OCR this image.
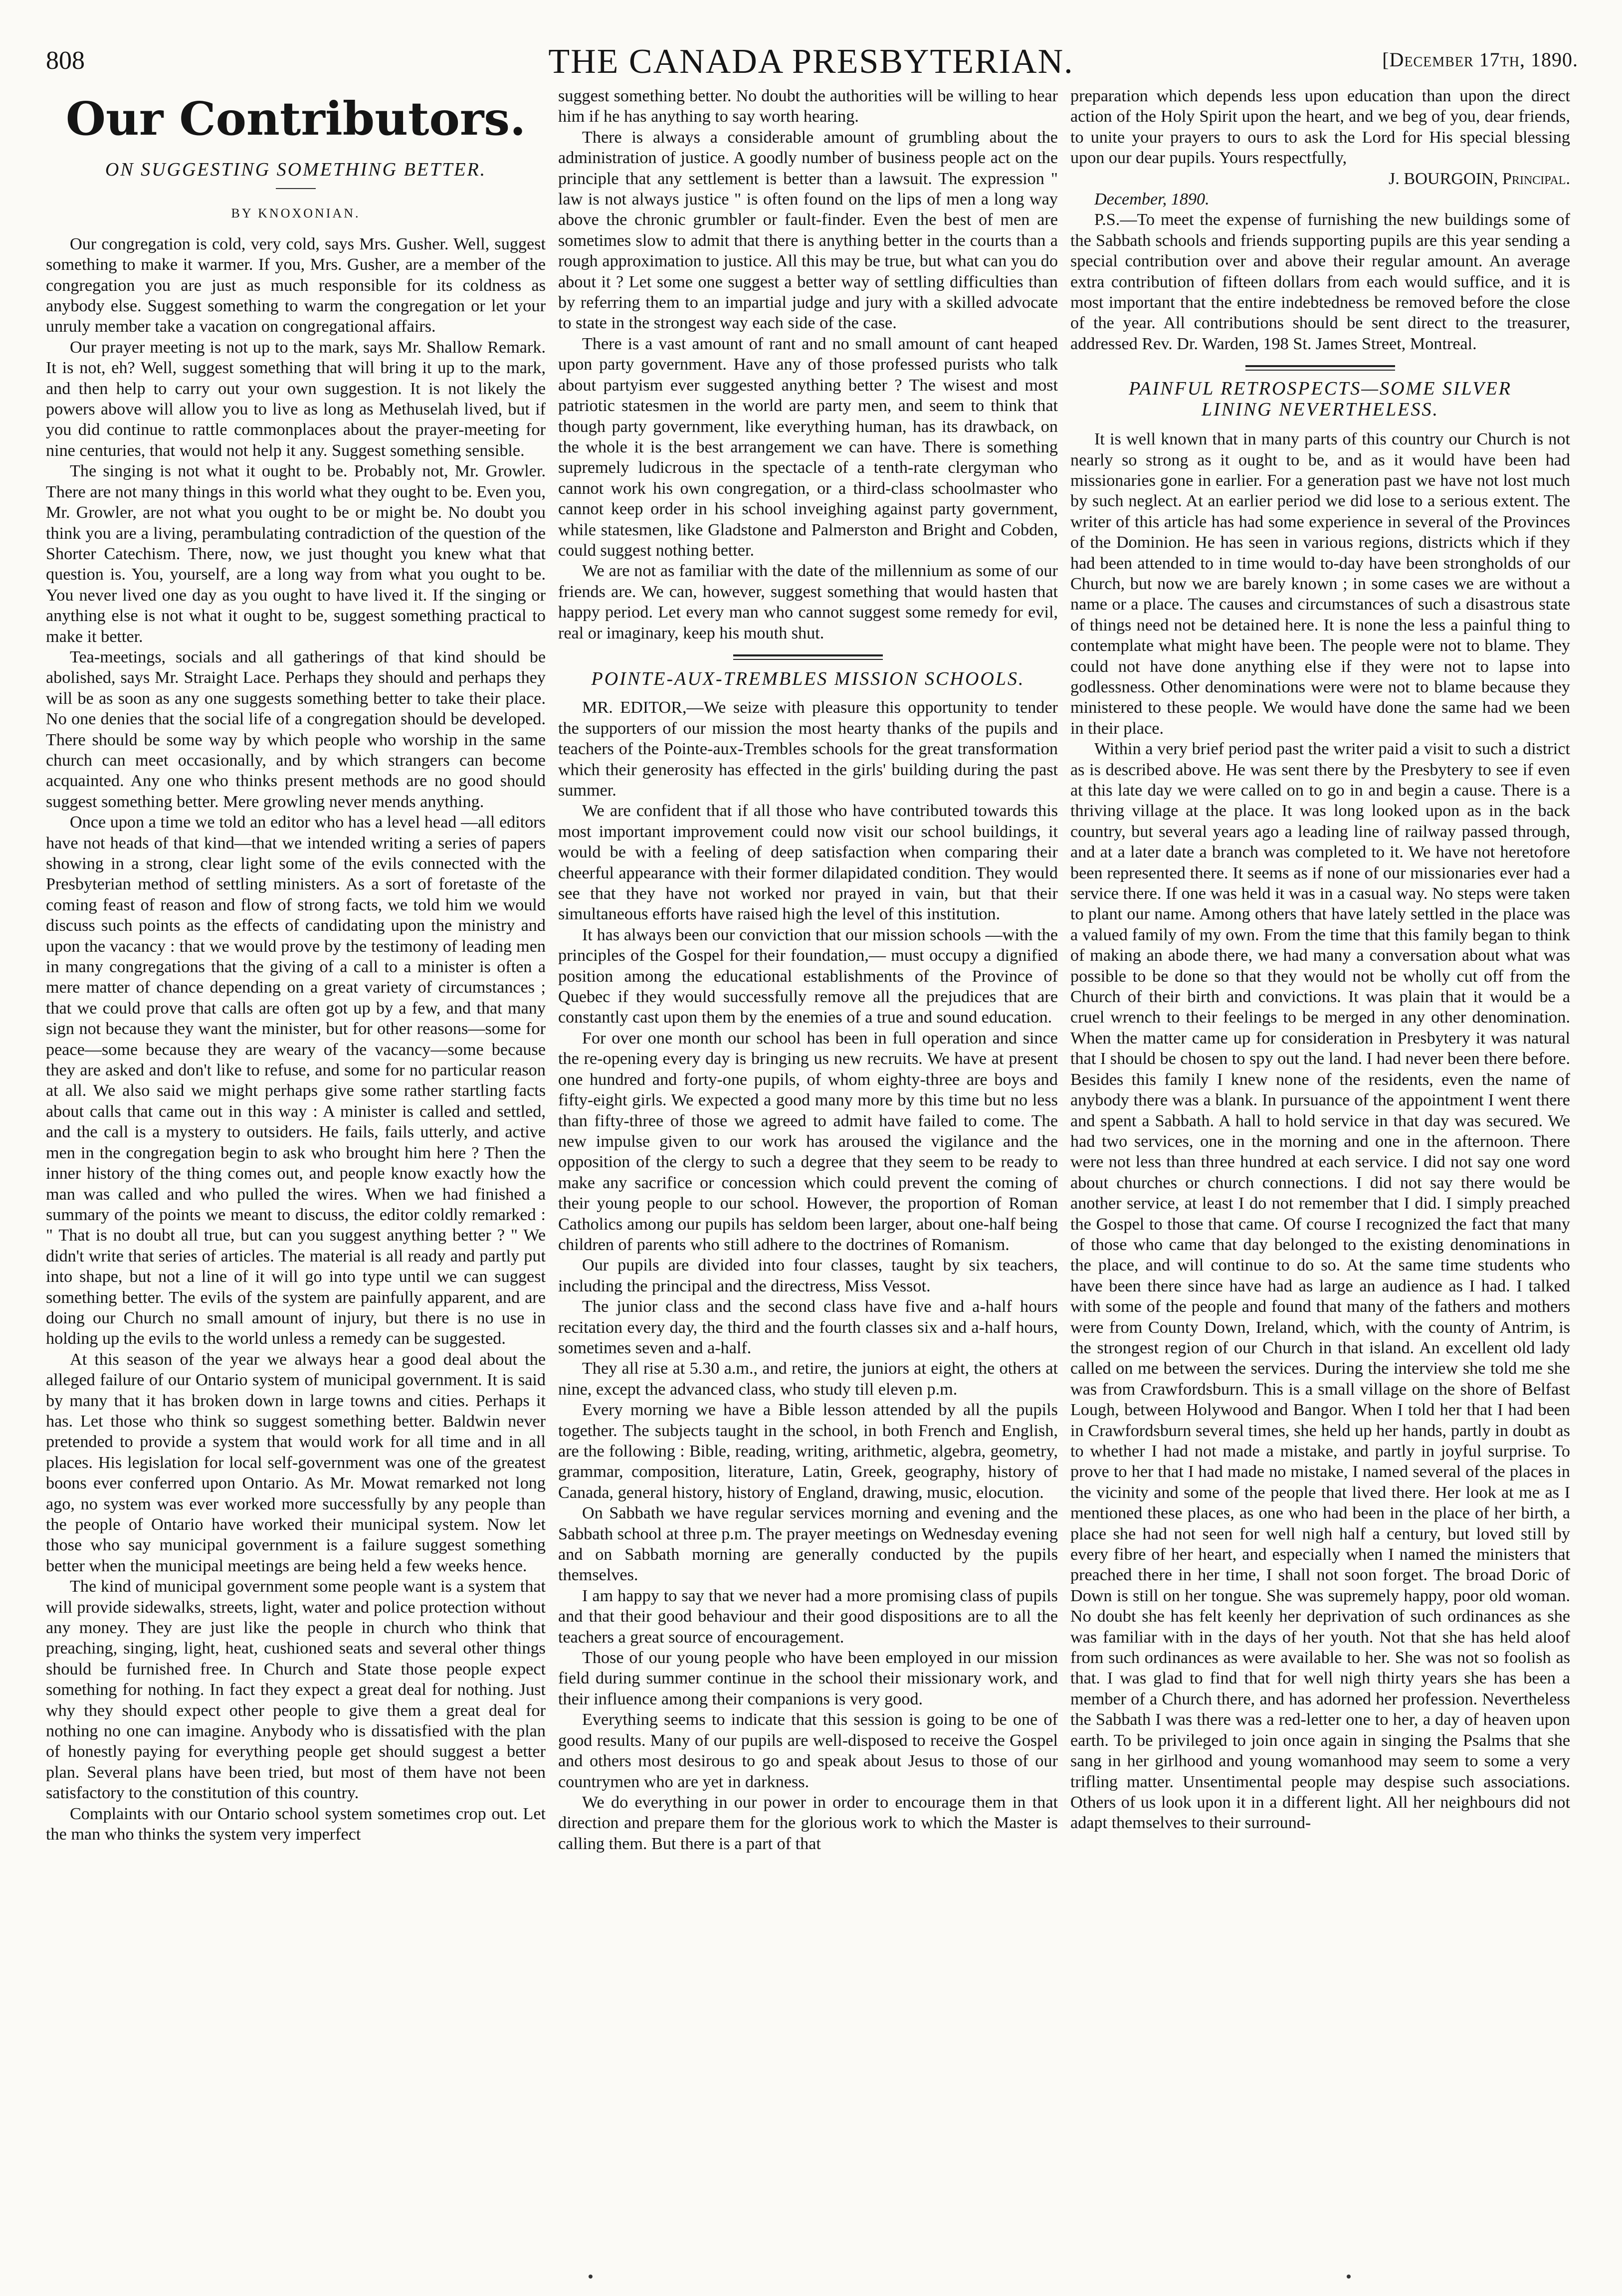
808	THE CANADA PRESBYTERIAN.	[December 17th, 1890.
Our Contributors.
ON SUGGESTING SOMETHING BETTER.
BY KNOXONIAN.

Our congregation is cold, very cold, says Mrs. Gusher. Well, suggest something to make it warmer. If you, Mrs. Gusher, are a member of the congregation you are just as much responsible for its coldness as anybody else. Suggest something to warm the congregation or let your unruly member take a vacation on congregational affairs.

Our prayer meeting is not up to the mark, says Mr. Shallow Remark. It is not, eh? Well, suggest something that will bring it up to the mark, and then help to carry out your own suggestion. It is not likely the powers above will allow you to live as long as Methuselah lived, but if you did continue to rattle commonplaces about the prayer-meeting for nine centuries, that would not help it any. Suggest something sensible.

The singing is not what it ought to be. Probably not, Mr. Growler. There are not many things in this world what they ought to be. Even you, Mr. Growler, are not what you ought to be or might be. No doubt you think you are a living, perambulating contradiction of the question of the Shorter Catechism. There, now, we just thought you knew what that question is. You, yourself, are a long way from what you ought to be. You never lived one day as you ought to have lived it. If the singing or anything else is not what it ought to be, suggest something practical to make it better.

Tea-meetings, socials and all gatherings of that kind should be abolished, says Mr. Straight Lace. Perhaps they should and perhaps they will be as soon as any one suggests something better to take their place. No one denies that the social life of a congregation should be developed. There should be some way by which people who worship in the same church can meet occasionally, and by which strangers can become acquainted. Any one who thinks present methods are no good should suggest something better. Mere growling never mends anything.

Once upon a time we told an editor who has a level head —all editors have not heads of that kind—that we intended writing a series of papers showing in a strong, clear light some of the evils connected with the Presbyterian method of settling ministers. As a sort of foretaste of the coming feast of reason and flow of strong facts, we told him we would discuss such points as the effects of candidating upon the ministry and upon the vacancy : that we would prove by the testimony of leading men in many congregations that the giving of a call to a minister is often a mere matter of chance depending on a great variety of circumstances ; that we could prove that calls are often got up by a few, and that many sign not because they want the minister, but for other reasons—some for peace—some because they are weary of the vacancy—some because they are asked and don't like to refuse, and some for no particular reason at all. We also said we might perhaps give some rather startling facts about calls that came out in this way : A minister is called and settled, and the call is a mystery to outsiders. He fails, fails utterly, and active men in the congregation begin to ask who brought him here ? Then the inner history of the thing comes out, and people know exactly how the man was called and who pulled the wires. When we had finished a summary of the points we meant to discuss, the editor coldly remarked : " That is no doubt all true, but can you suggest anything better ? " We didn't write that series of articles. The material is all ready and partly put into shape, but not a line of it will go into type until we can suggest something better. The evils of the system are painfully apparent, and are doing our Church no small amount of injury, but there is no use in holding up the evils to the world unless a remedy can be suggested.

At this season of the year we always hear a good deal about the alleged failure of our Ontario system of municipal government. It is said by many that it has broken down in large towns and cities. Perhaps it has. Let those who think so suggest something better. Baldwin never pretended to provide a system that would work for all time and in all places. His legislation for local self-government was one of the greatest boons ever conferred upon Ontario. As Mr. Mowat remarked not long ago, no system was ever worked more successfully by any people than the people of Ontario have worked their municipal system. Now let those who say municipal government is a failure suggest something better when the municipal meetings are being held a few weeks hence.

The kind of municipal government some people want is a system that will provide sidewalks, streets, light, water and police protection without any money. They are just like the people in church who think that preaching, singing, light, heat, cushioned seats and several other things should be furnished free. In Church and State those people expect something for nothing. In fact they expect a great deal for nothing. Just why they should expect other people to give them a great deal for nothing no one can imagine. Anybody who is dissatisfied with the plan of honestly paying for everything people get should suggest a better plan. Several plans have been tried, but most of them have not been satisfactory to the constitution of this country.

Complaints with our Ontario school system sometimes crop out. Let the man who thinks the system very imperfect

suggest something better. No doubt the authorities will be willing to hear him if he has anything to say worth hearing.

There is always a considerable amount of grumbling about the administration of justice. A goodly number of business people act on the principle that any settlement is better than a lawsuit. The expression " law is not always justice " is often found on the lips of men a long way above the chronic grumbler or fault-finder. Even the best of men are sometimes slow to admit that there is anything better in the courts than a rough approximation to justice. All this may be true, but what can you do about it ? Let some one suggest a better way of settling difficulties than by referring them to an impartial judge and jury with a skilled advocate to state in the strongest way each side of the case.

There is a vast amount of rant and no small amount of cant heaped upon party government. Have any of those professed purists who talk about partyism ever suggested anything better ? The wisest and most patriotic statesmen in the world are party men, and seem to think that though party government, like everything human, has its drawback, on the whole it is the best arrangement we can have. There is something supremely ludicrous in the spectacle of a tenth-rate clergyman who cannot work his own congregation, or a third-class schoolmaster who cannot keep order in his school inveighing against party government, while statesmen, like Gladstone and Palmerston and Bright and Cobden, could suggest nothing better.

We are not as familiar with the date of the millennium as some of our friends are. We can, however, suggest something that would hasten that happy period. Let every man who cannot suggest some remedy for evil, real or imaginary, keep his mouth shut.

POINTE-AUX-TREMBLES MISSION SCHOOLS.

MR. EDITOR,—We seize with pleasure this opportunity to tender the supporters of our mission the most hearty thanks of the pupils and teachers of the Pointe-aux-Trembles schools for the great transformation which their generosity has effected in the girls' building during the past summer.

We are confident that if all those who have contributed towards this most important improvement could now visit our school buildings, it would be with a feeling of deep satisfaction when comparing their cheerful appearance with their former dilapidated condition. They would see that they have not worked nor prayed in vain, but that their simultaneous efforts have raised high the level of this institution.

It has always been our conviction that our mission schools —with the principles of the Gospel for their foundation,— must occupy a dignified position among the educational establishments of the Province of Quebec if they would successfully remove all the prejudices that are constantly cast upon them by the enemies of a true and sound education.

For over one month our school has been in full operation and since the re-opening every day is bringing us new recruits. We have at present one hundred and forty-one pupils, of whom eighty-three are boys and fifty-eight girls. We expected a good many more by this time but no less than fifty-three of those we agreed to admit have failed to come. The new impulse given to our work has aroused the vigilance and the opposition of the clergy to such a degree that they seem to be ready to make any sacrifice or concession which could prevent the coming of their young people to our school. However, the proportion of Roman Catholics among our pupils has seldom been larger, about one-half being children of parents who still adhere to the doctrines of Romanism.

Our pupils are divided into four classes, taught by six teachers, including the principal and the directress, Miss Vessot.

The junior class and the second class have five and a-half hours recitation every day, the third and the fourth classes six and a-half hours, sometimes seven and a-half.

They all rise at 5.30 a.m., and retire, the juniors at eight, the others at nine, except the advanced class, who study till eleven p.m.

Every morning we have a Bible lesson attended by all the pupils together. The subjects taught in the school, in both French and English, are the following : Bible, reading, writing, arithmetic, algebra, geometry, grammar, composition, literature, Latin, Greek, geography, history of Canada, general history, history of England, drawing, music, elocution.

On Sabbath we have regular services morning and evening and the Sabbath school at three p.m. The prayer meetings on Wednesday evening and on Sabbath morning are generally conducted by the pupils themselves.

I am happy to say that we never had a more promising class of pupils and that their good behaviour and their good dispositions are to all the teachers a great source of encouragement.

Those of our young people who have been employed in our mission field during summer continue in the school their missionary work, and their influence among their companions is very good.

Everything seems to indicate that this session is going to be one of good results. Many of our pupils are well-disposed to receive the Gospel and others most desirous to go and speak about Jesus to those of our countrymen who are yet in darkness.

We do everything in our power in order to encourage them in that direction and prepare them for the glorious work to which the Master is calling them. But there is a part of that

preparation which depends less upon education than upon the direct action of the Holy Spirit upon the heart, and we beg of you, dear friends, to unite your prayers to ours to ask the Lord for His special blessing upon our dear pupils. Yours respectfully,

J. BOURGOIN, Principal.

December, 1890.

P.S.—To meet the expense of furnishing the new buildings some of the Sabbath schools and friends supporting pupils are this year sending a special contribution over and above their regular amount. An average extra contribution of fifteen dollars from each would suffice, and it is most important that the entire indebtedness be removed before the close of the year. All contributions should be sent direct to the treasurer, addressed Rev. Dr. Warden, 198 St. James Street, Montreal.

PAINFUL RETROSPECTS—SOME SILVER
LINING NEVERTHELESS.

It is well known that in many parts of this country our Church is not nearly so strong as it ought to be, and as it would have been had missionaries gone in earlier. For a generation past we have not lost much by such neglect. At an earlier period we did lose to a serious extent. The writer of this article has had some experience in several of the Provinces of the Dominion. He has seen in various regions, districts which if they had been attended to in time would to-day have been strongholds of our Church, but now we are barely known ; in some cases we are without a name or a place. The causes and circumstances of such a disastrous state of things need not be detained here. It is none the less a painful thing to contemplate what might have been. The people were not to blame. They could not have done anything else if they were not to lapse into godlessness. Other denominations were were not to blame because they ministered to these people. We would have done the same had we been in their place.

Within a very brief period past the writer paid a visit to such a district as is described above. He was sent there by the Presbytery to see if even at this late day we were called on to go in and begin a cause. There is a thriving village at the place. It was long looked upon as in the back country, but several years ago a leading line of railway passed through, and at a later date a branch was completed to it. We have not heretofore been represented there. It seems as if none of our missionaries ever had a service there. If one was held it was in a casual way. No steps were taken to plant our name. Among others that have lately settled in the place was a valued family of my own. From the time that this family began to think of making an abode there, we had many a conversation about what was possible to be done so that they would not be wholly cut off from the Church of their birth and convictions. It was plain that it would be a cruel wrench to their feelings to be merged in any other denomination. When the matter came up for consideration in Presbytery it was natural that I should be chosen to spy out the land. I had never been there before. Besides this family I knew none of the residents, even the name of anybody there was a blank. In pursuance of the appointment I went there and spent a Sabbath. A hall to hold service in that day was secured. We had two services, one in the morning and one in the afternoon. There were not less than three hundred at each service. I did not say one word about churches or church connections. I did not say there would be another service, at least I do not remember that I did. I simply preached the Gospel to those that came. Of course I recognized the fact that many of those who came that day belonged to the existing denominations in the place, and will continue to do so. At the same time students who have been there since have had as large an audience as I had. I talked with some of the people and found that many of the fathers and mothers were from County Down, Ireland, which, with the county of Antrim, is the strongest region of our Church in that island. An excellent old lady called on me between the services. During the interview she told me she was from Crawfordsburn. This is a small village on the shore of Belfast Lough, between Holywood and Bangor. When I told her that I had been in Crawfordsburn several times, she held up her hands, partly in doubt as to whether I had not made a mistake, and partly in joyful surprise. To prove to her that I had made no mistake, I named several of the places in the vicinity and some of the people that lived there. Her look at me as I mentioned these places, as one who had been in the place of her birth, a place she had not seen for well nigh half a century, but loved still by every fibre of her heart, and especially when I named the ministers that preached there in her time, I shall not soon forget. The broad Doric of Down is still on her tongue. She was supremely happy, poor old woman. No doubt she has felt keenly her deprivation of such ordinances as she was familiar with in the days of her youth. Not that she has held aloof from such ordinances as were available to her. She was not so foolish as that. I was glad to find that for well nigh thirty years she has been a member of a Church there, and has adorned her profession. Nevertheless the Sabbath I was there was a red-letter one to her, a day of heaven upon earth. To be privileged to join once again in singing the Psalms that she sang in her girlhood and young womanhood may seem to some a very trifling matter. Unsentimental people may despise such associations. Others of us look upon it in a different light. All her neighbours did not adapt themselves to their surround-
